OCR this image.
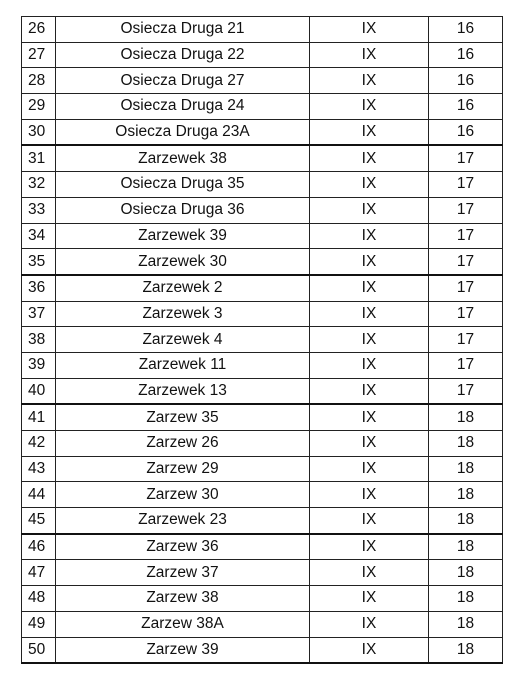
26	Osiecza Druga 21	IX	16
27	Osiecza Druga 22	IX	16
28	Osiecza Druga 27	IX	16
29	Osiecza Druga 24	IX	16
30	Osiecza Druga 23A	IX	16
31	Zarzewek 38	IX	17
32	Osiecza Druga 35	IX	17
33	Osiecza Druga 36	IX	17
34	Zarzewek 39	IX	17
35	Zarzewek 30	IX	17
36	Zarzewek 2	IX	17
37	Zarzewek 3	IX	17
38	Zarzewek 4	IX	17
39	Zarzewek 11	IX	17
40	Zarzewek 13	IX	17
41	Zarzew 35	IX	18
42	Zarzew 26	IX	18
43	Zarzew 29	IX	18
44	Zarzew 30	IX	18
45	Zarzewek 23	IX	18
46	Zarzew 36	IX	18
47	Zarzew 37	IX	18
48	Zarzew 38	IX	18
49	Zarzew 38A	IX	18
50	Zarzew 39	IX	18
